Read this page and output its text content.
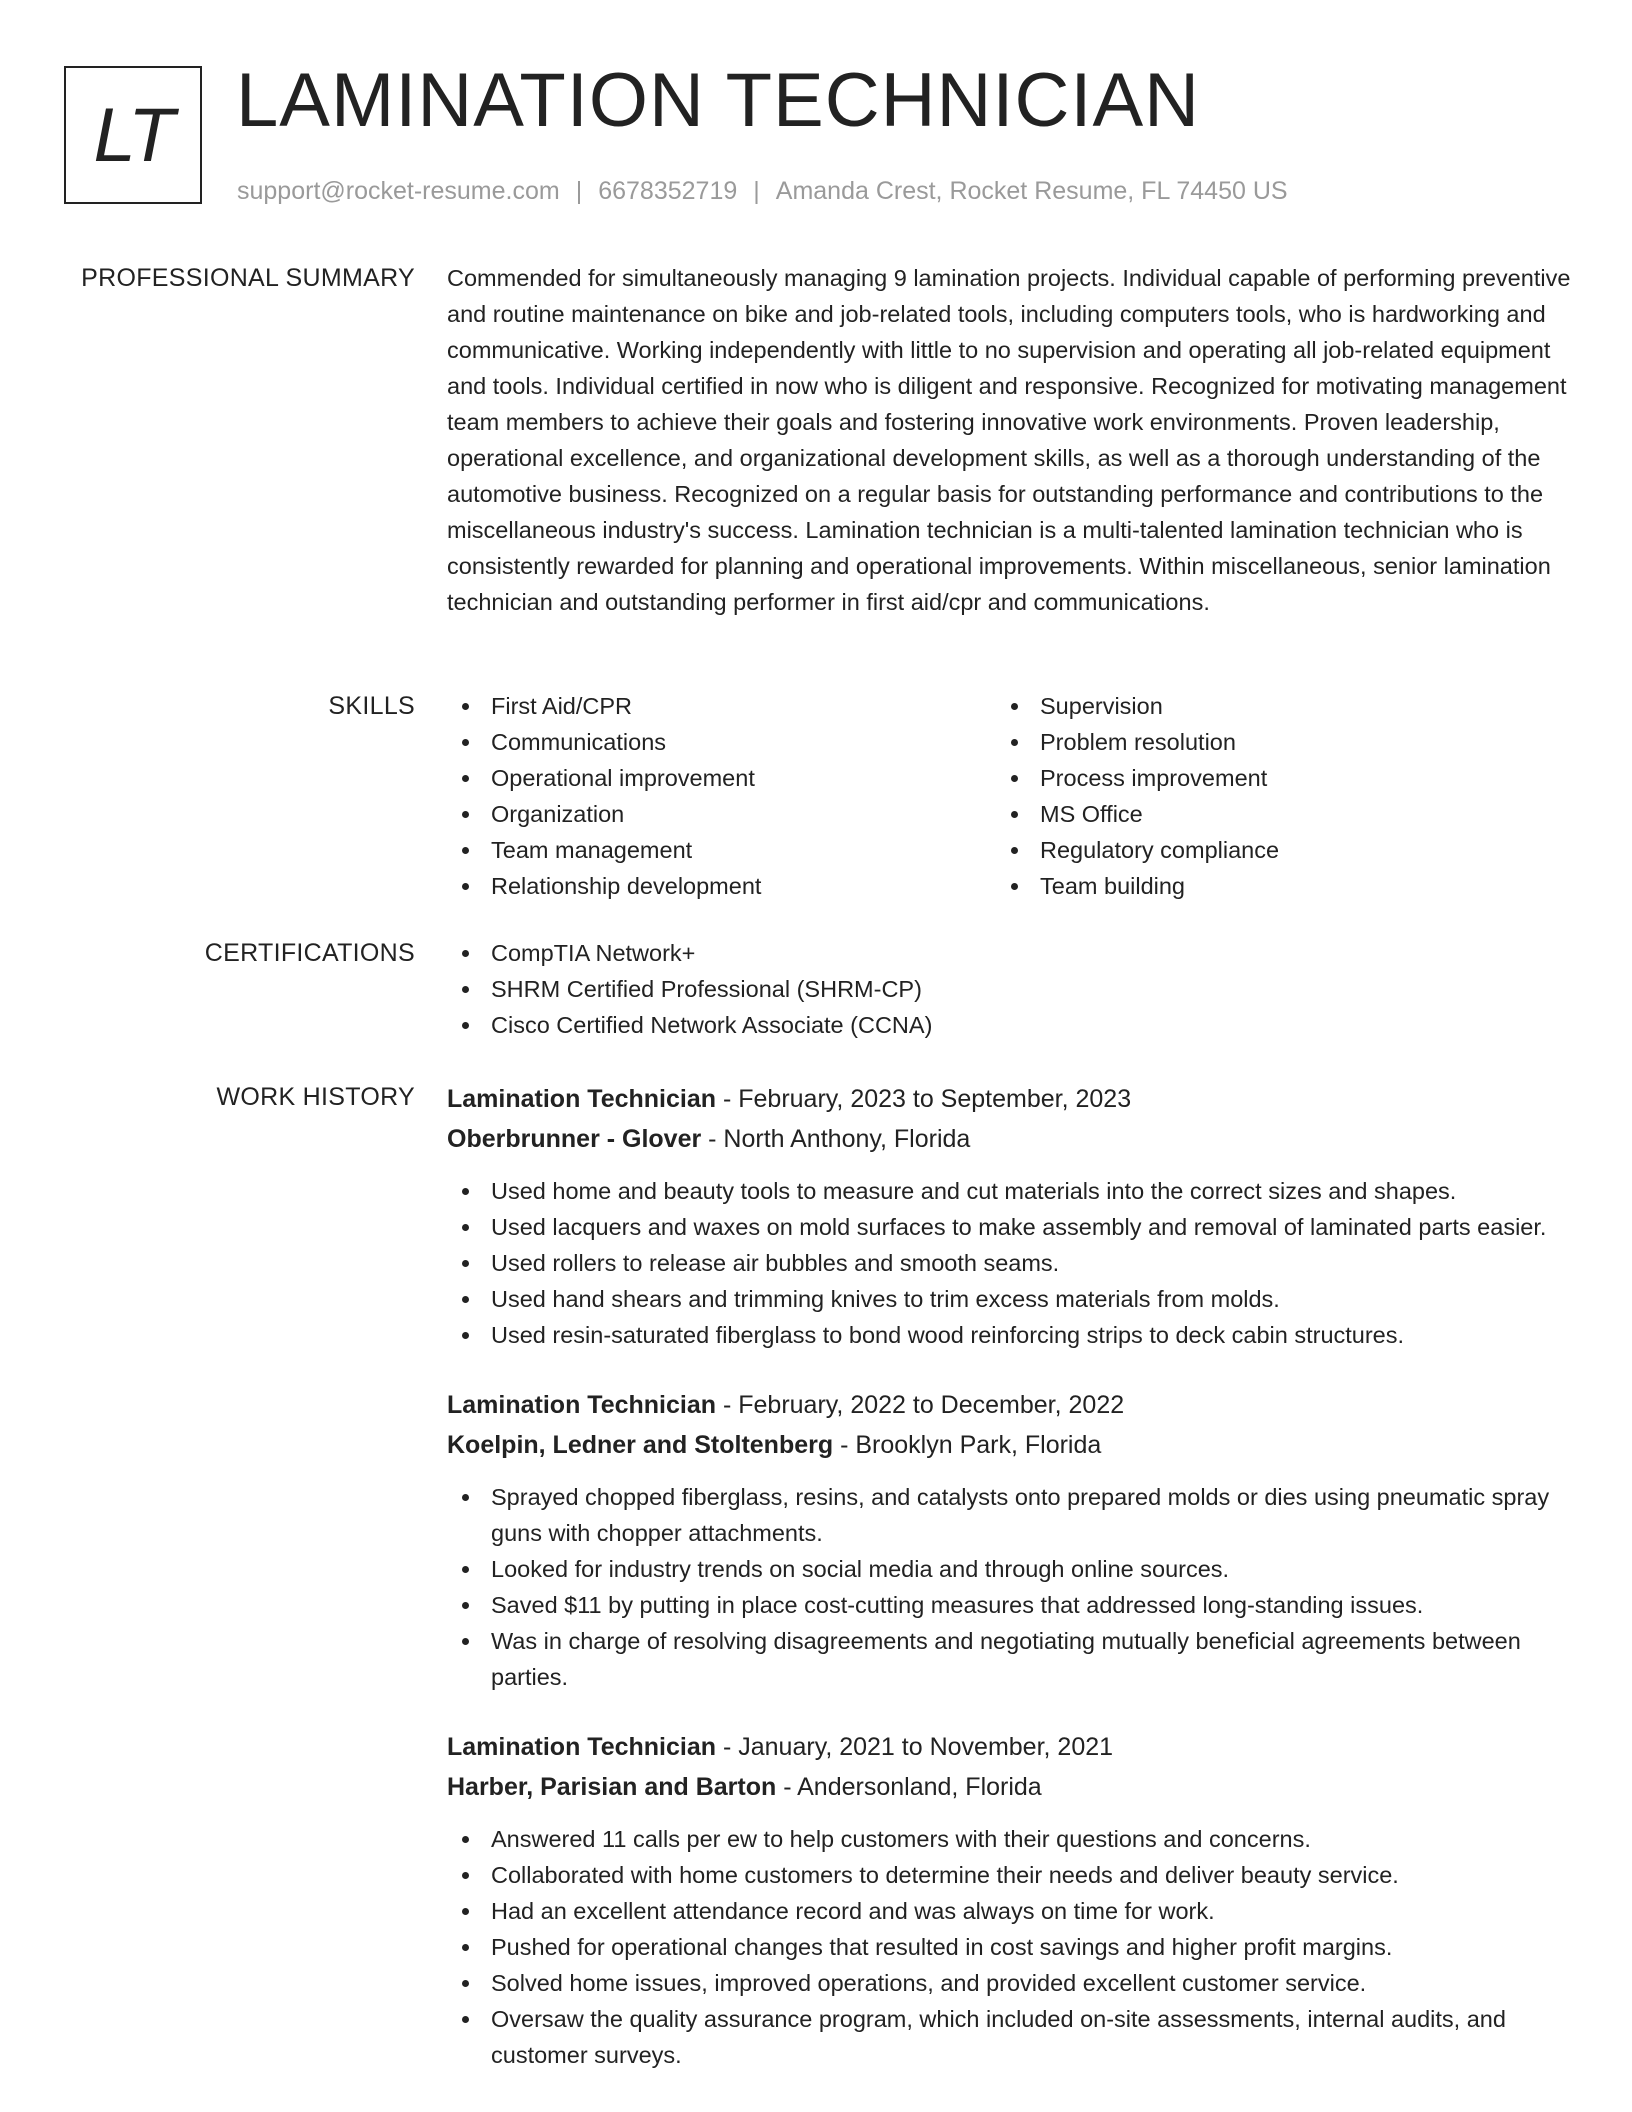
LT LAMINATION TECHNICIAN
support@rocket-resume.com | 6678352719 | Amanda Crest, Rocket Resume, FL 74450 US
PROFESSIONAL SUMMARY Commended for simultaneously managing 9 lamination projects. Individual capable of performing preventive and routine maintenance on bike and job-related tools, including computers tools, who is hardworking and communicative. Working independently with little to no supervision and operating all job-related equipment and tools. Individual certified in now who is diligent and responsive. Recognized for motivating management team members to achieve their goals and fostering innovative work environments. Proven leadership, operational excellence, and organizational development skills, as well as a thorough understanding of the automotive business. Recognized on a regular basis for outstanding performance and contributions to the miscellaneous industry's success. Lamination technician is a multi-talented lamination technician who is consistently rewarded for planning and operational improvements. Within miscellaneous, senior lamination technician and outstanding performer in first aid/cpr and communications.

SKILLS	First Aid/CPR
Communications
Operational improvement
Organization
Team management
Relationship development
Supervision
Problem resolution
Process improvement
MS Office
Regulatory compliance
Team building
CERTIFICATIONS	CompTIA Network+
SHRM Certified Professional (SHRM-CP)
Cisco Certified Network Associate (CCNA)
WORK HISTORY Lamination Technician - February, 2023 to September, 2023
Oberbrunner - Glover - North Anthony, Florida
Used home and beauty tools to measure and cut materials into the correct sizes and shapes.
Used lacquers and waxes on mold surfaces to make assembly and removal of laminated parts easier.
Used rollers to release air bubbles and smooth seams.
Used hand shears and trimming knives to trim excess materials from molds.
Used resin-saturated fiberglass to bond wood reinforcing strips to deck cabin structures.
Lamination Technician - February, 2022 to December, 2022
Koelpin, Ledner and Stoltenberg - Brooklyn Park, Florida
Sprayed chopped fiberglass, resins, and catalysts onto prepared molds or dies using pneumatic spray guns with chopper attachments.
Looked for industry trends on social media and through online sources.
Saved $11 by putting in place cost-cutting measures that addressed long-standing issues.
Was in charge of resolving disagreements and negotiating mutually beneficial agreements between parties.
Lamination Technician - January, 2021 to November, 2021
Harber, Parisian and Barton - Andersonland, Florida
Answered 11 calls per ew to help customers with their questions and concerns.
Collaborated with home customers to determine their needs and deliver beauty service.
Had an excellent attendance record and was always on time for work.
Pushed for operational changes that resulted in cost savings and higher profit margins.
Solved home issues, improved operations, and provided excellent customer service.
Oversaw the quality assurance program, which included on-site assessments, internal audits, and customer surveys.
